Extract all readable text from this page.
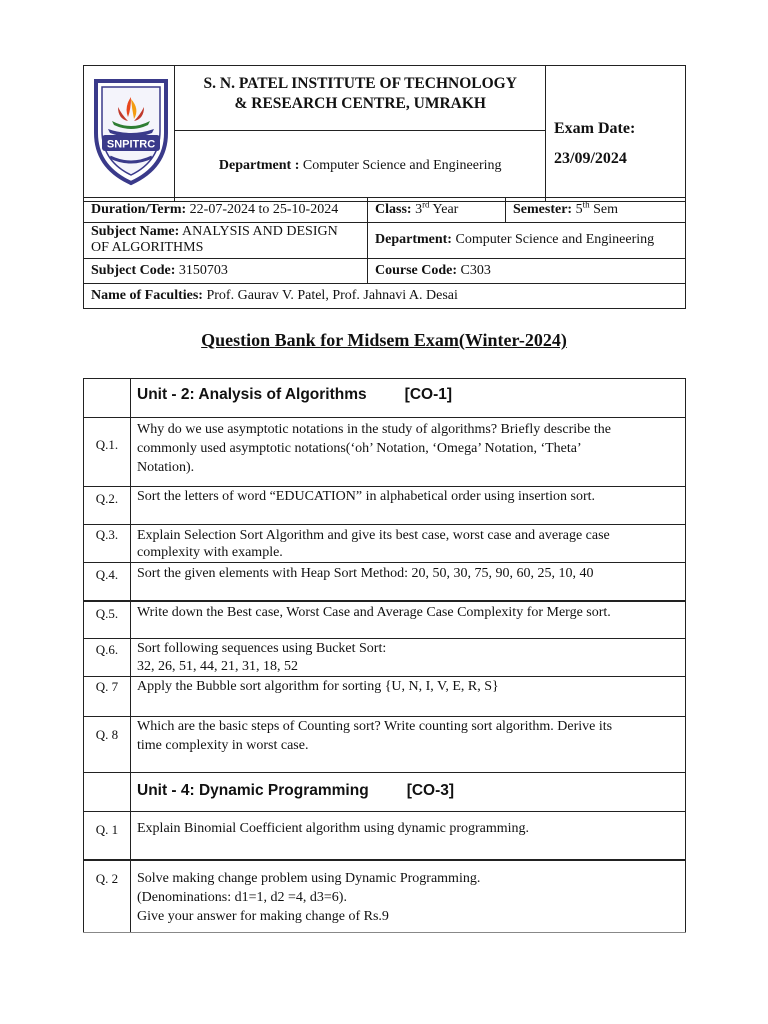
SNPITRC

S. N. PATEL INSTITUTE OF TECHNOLOGY
& RESEARCH CENTRE, UMRAKH

Exam Date:
23/09/2024

Department : Computer Science and Engineering
Duration/Term: 22-07-2024 to 25-10-2024	Class: 3rd Year	Semester: 5th Sem
Subject Name: ANALYSIS AND DESIGN
OF ALGORITHMS	Department: Computer Science and Engineering	
Subject Code: 3150703	Course Code: C303	
Name of Faculties: Prof. Gaurav V. Patel, Prof. Jahnavi A. Desai		
Question Bank for Midsem Exam(Winter-2024)
	Unit - 2: Analysis of Algorithms [CO-1]
Q.1.	Why do we use asymptotic notations in the study of algorithms? Briefly describe the
commonly used asymptotic notations(‘oh’ Notation, ‘Omega’ Notation, ‘Theta’
Notation).

Q.2.	Sort the letters of word “EDUCATION” in alphabetical order using insertion sort.

Q.3.	Explain Selection Sort Algorithm and give its best case, worst case and average case
complexity with example.

Q.4.	Sort the given elements with Heap Sort Method: 20, 50, 30, 75, 90, 60, 25, 10, 40

Q.5.	Write down the Best case, Worst Case and Average Case Complexity for Merge sort.

Q.6.	Sort following sequences using Bucket Sort:
32, 26, 51, 44, 21, 31, 18, 52

Q. 7	Apply the Bubble sort algorithm for sorting {U, N, I, V, E, R, S}

Q. 8	Which are the basic steps of Counting sort? Write counting sort algorithm. Derive its
time complexity in worst case.

	Unit - 4: Dynamic Programming [CO-3]
Q. 1	Explain Binomial Coefficient algorithm using dynamic programming.

Q. 2	Solve making change problem using Dynamic Programming.
(Denominations: d1=1, d2 =4, d3=6).
Give your answer for making change of Rs.9
